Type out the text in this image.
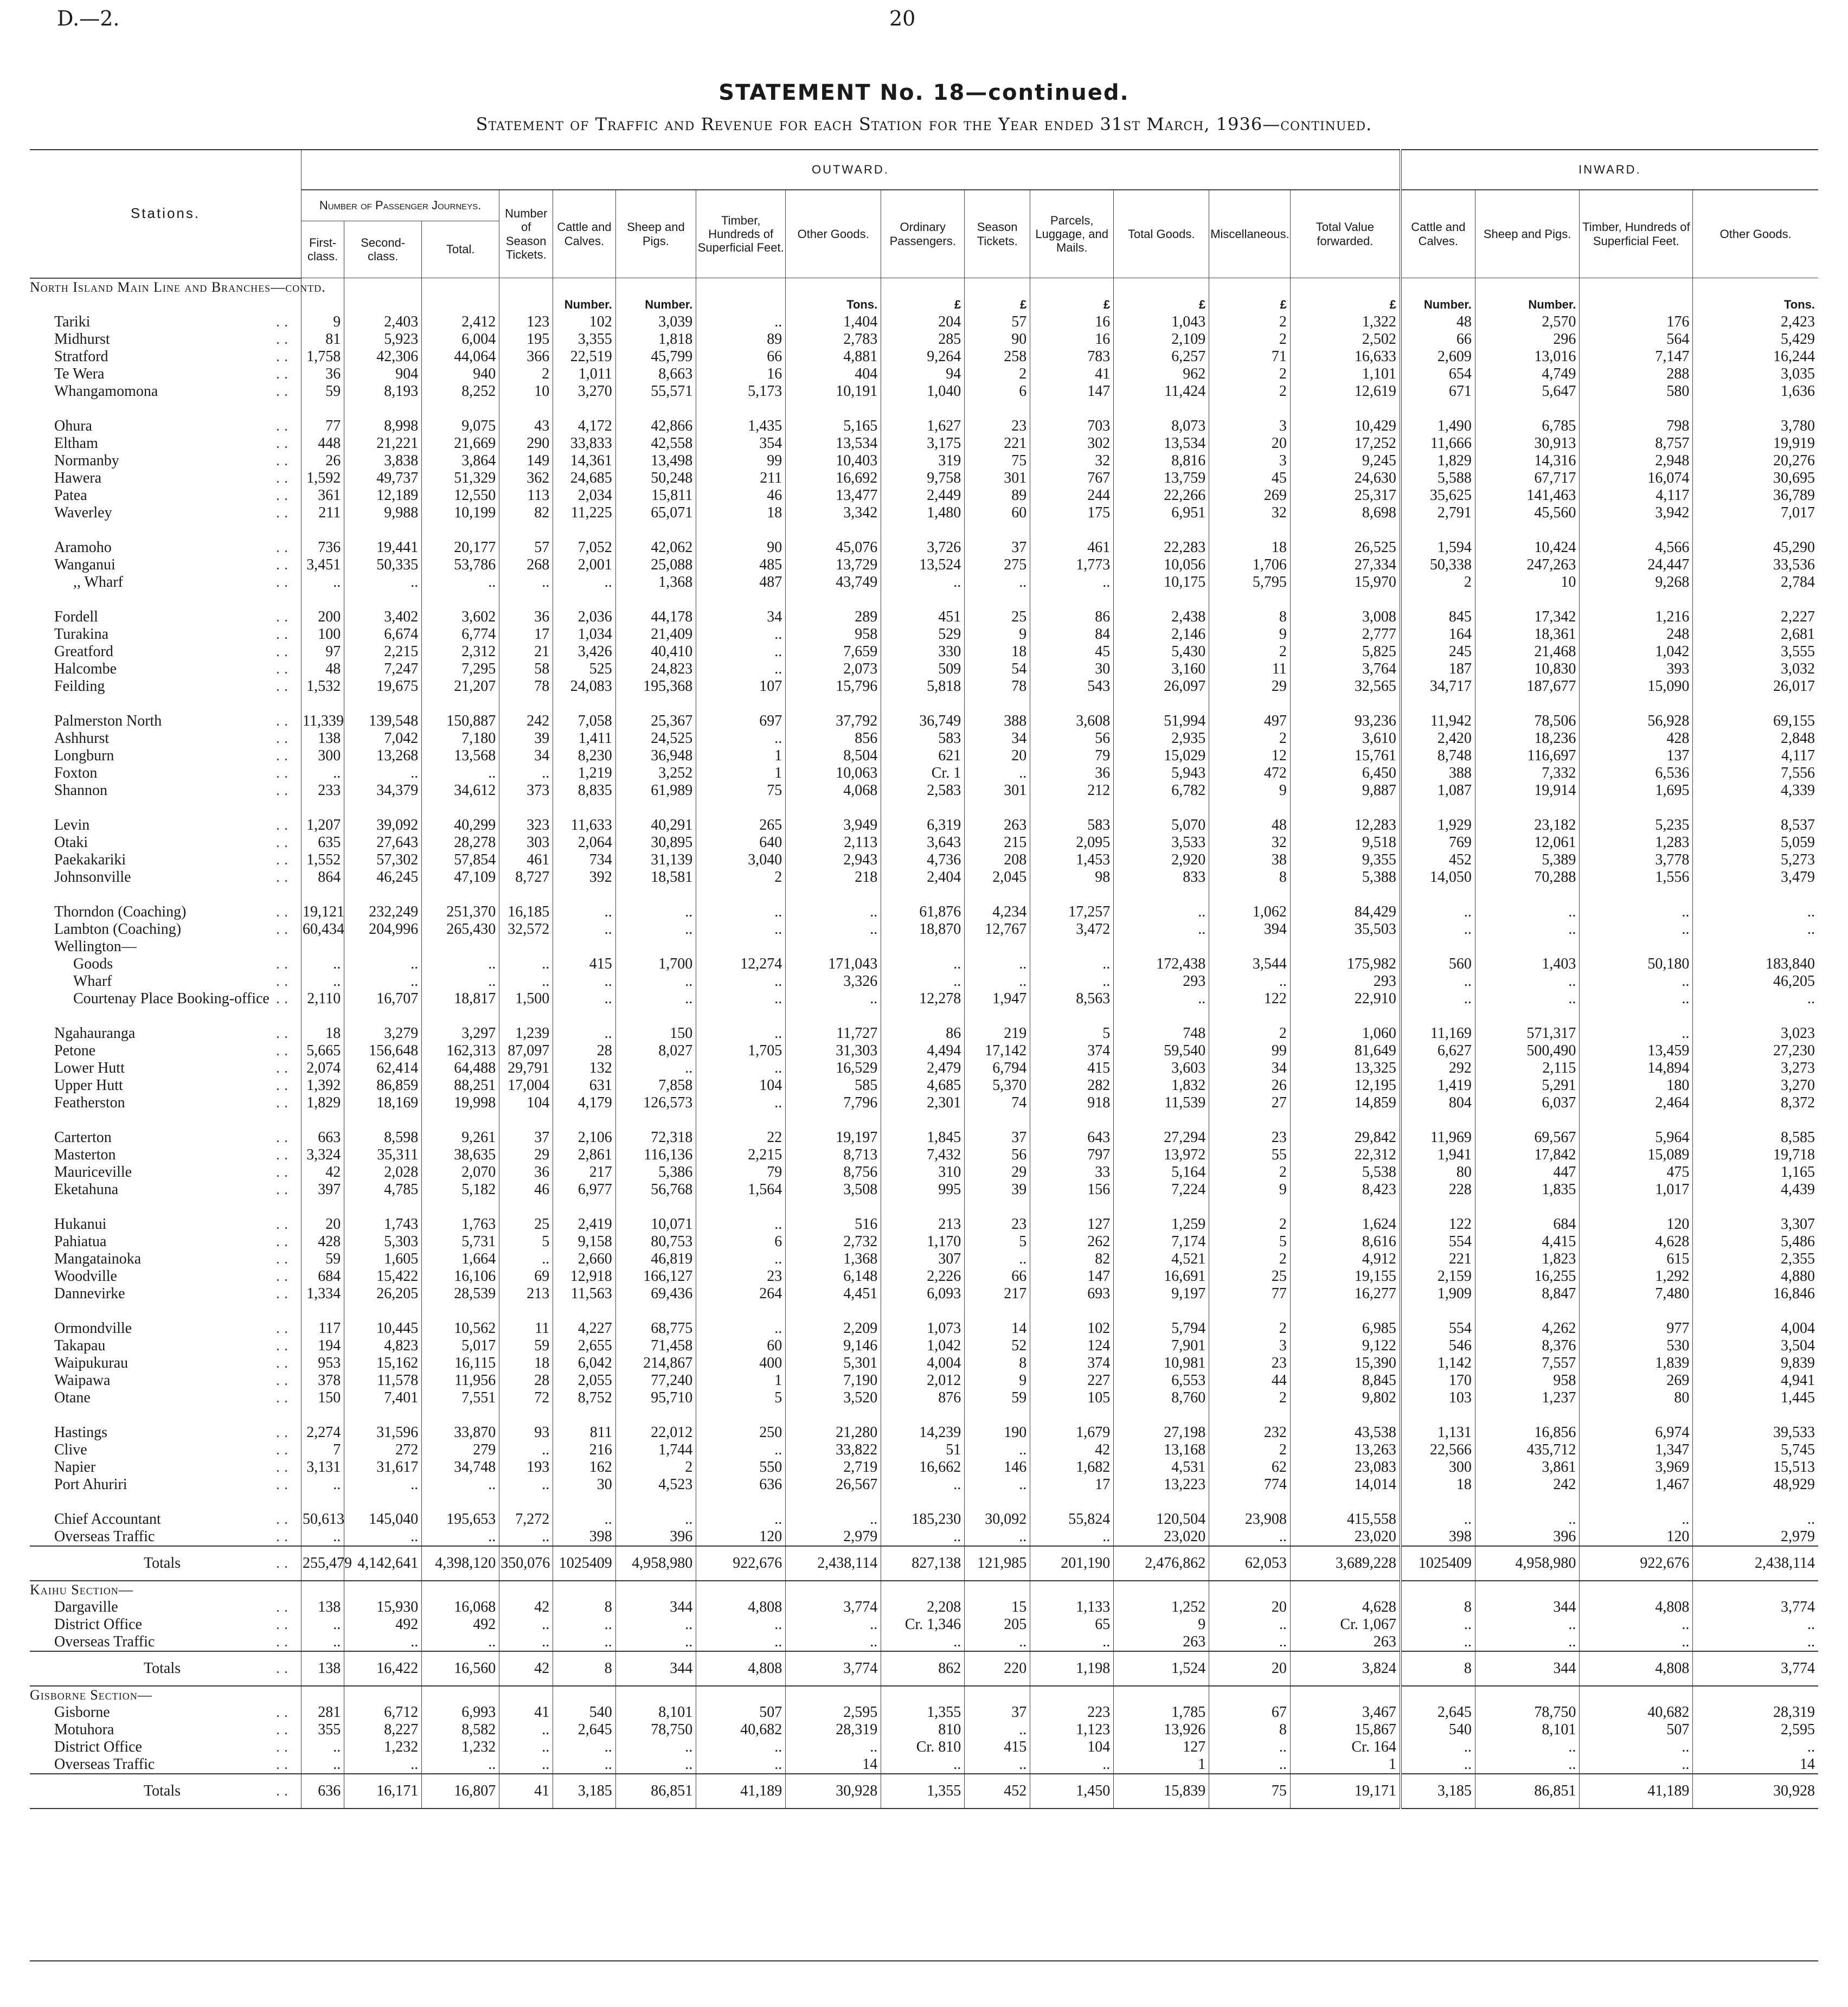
D.—2.	20
STATEMENT No. 18—continued.
Statement of Traffic and Revenue for each Station for the Year ended 31st March, 1936—continued.
Stations.	OUTWARD.														INWARD.			
	Number of Passenger Journeys.			Number of Season Tickets.	Cattle and Calves.	Sheep and Pigs.	Timber, Hundreds of Superficial Feet.	Other Goods.	Ordinary Passengers.	Season Tickets.	Parcels, Luggage, and Mails.	Total Goods.	Miscellaneous.	Total Value forwarded.	Cattle and Calves.	Sheep and Pigs.	Timber, Hundreds of Superficial Feet.	Other Goods.
	First-class.	Second-class.	Total.															
North Island Main Line and Branches—contd.																		
					Number.	Number.		Tons.	£	£	£	£	£	£	Number.	Number.		Tons.
Tariki ..	9	2,403	2,412	123	102	3,039	..	1,404	204	57	16	1,043	2	1,322	48	2,570	176	2,423
Midhurst ..	81	5,923	6,004	195	3,355	1,818	89	2,783	285	90	16	2,109	2	2,502	66	296	564	5,429
Stratford ..	1,758	42,306	44,064	366	22,519	45,799	66	4,881	9,264	258	783	6,257	71	16,633	2,609	13,016	7,147	16,244
Te Wera ..	36	904	940	2	1,011	8,663	16	404	94	2	41	962	2	1,101	654	4,749	288	3,035
Whangamomona ..	59	8,193	8,252	10	3,270	55,571	5,173	10,191	1,040	6	147	11,424	2	12,619	671	5,647	580	1,636

Ohura ..	77	8,998	9,075	43	4,172	42,866	1,435	5,165	1,627	23	703	8,073	3	10,429	1,490	6,785	798	3,780
Eltham ..	448	21,221	21,669	290	33,833	42,558	354	13,534	3,175	221	302	13,534	20	17,252	11,666	30,913	8,757	19,919
Normanby ..	26	3,838	3,864	149	14,361	13,498	99	10,403	319	75	32	8,816	3	9,245	1,829	14,316	2,948	20,276
Hawera ..	1,592	49,737	51,329	362	24,685	50,248	211	16,692	9,758	301	767	13,759	45	24,630	5,588	67,717	16,074	30,695
Patea ..	361	12,189	12,550	113	2,034	15,811	46	13,477	2,449	89	244	22,266	269	25,317	35,625	141,463	4,117	36,789
Waverley ..	211	9,988	10,199	82	11,225	65,071	18	3,342	1,480	60	175	6,951	32	8,698	2,791	45,560	3,942	7,017

Aramoho ..	736	19,441	20,177	57	7,052	42,062	90	45,076	3,726	37	461	22,283	18	26,525	1,594	10,424	4,566	45,290
Wanganui ..	3,451	50,335	53,786	268	2,001	25,088	485	13,729	13,524	275	1,773	10,056	1,706	27,334	50,338	247,263	24,447	33,536
,, Wharf ..	..	..	..	..	..	1,368	487	43,749	..	..	..	10,175	5,795	15,970	2	10	9,268	2,784

Fordell ..	200	3,402	3,602	36	2,036	44,178	34	289	451	25	86	2,438	8	3,008	845	17,342	1,216	2,227
Turakina ..	100	6,674	6,774	17	1,034	21,409	..	958	529	9	84	2,146	9	2,777	164	18,361	248	2,681
Greatford ..	97	2,215	2,312	21	3,426	40,410	..	7,659	330	18	45	5,430	2	5,825	245	21,468	1,042	3,555
Halcombe ..	48	7,247	7,295	58	525	24,823	..	2,073	509	54	30	3,160	11	3,764	187	10,830	393	3,032
Feilding ..	1,532	19,675	21,207	78	24,083	195,368	107	15,796	5,818	78	543	26,097	29	32,565	34,717	187,677	15,090	26,017

Palmerston North ..	11,339	139,548	150,887	242	7,058	25,367	697	37,792	36,749	388	3,608	51,994	497	93,236	11,942	78,506	56,928	69,155
Ashhurst ..	138	7,042	7,180	39	1,411	24,525	..	856	583	34	56	2,935	2	3,610	2,420	18,236	428	2,848
Longburn ..	300	13,268	13,568	34	8,230	36,948	1	8,504	621	20	79	15,029	12	15,761	8,748	116,697	137	4,117
Foxton ..	..	..	..	..	1,219	3,252	1	10,063	Cr. 1	..	36	5,943	472	6,450	388	7,332	6,536	7,556
Shannon ..	233	34,379	34,612	373	8,835	61,989	75	4,068	2,583	301	212	6,782	9	9,887	1,087	19,914	1,695	4,339

Levin ..	1,207	39,092	40,299	323	11,633	40,291	265	3,949	6,319	263	583	5,070	48	12,283	1,929	23,182	5,235	8,537
Otaki ..	635	27,643	28,278	303	2,064	30,895	640	2,113	3,643	215	2,095	3,533	32	9,518	769	12,061	1,283	5,059
Paekakariki ..	1,552	57,302	57,854	461	734	31,139	3,040	2,943	4,736	208	1,453	2,920	38	9,355	452	5,389	3,778	5,273
Johnsonville ..	864	46,245	47,109	8,727	392	18,581	2	218	2,404	2,045	98	833	8	5,388	14,050	70,288	1,556	3,479

Thorndon (Coaching) ..	19,121	232,249	251,370	16,185	..	..	..	..	61,876	4,234	17,257	..	1,062	84,429	..	..	..	..
Lambton (Coaching) ..	60,434	204,996	265,430	32,572	..	..	..	..	18,870	12,767	3,472	..	394	35,503	..	..	..	..
Wellington—																		
Goods ..	..	..	..	..	415	1,700	12,274	171,043	..	..	..	172,438	3,544	175,982	560	1,403	50,180	183,840
Wharf ..	..	..	..	..	..	..	..	3,326	..	..	..	293	..	293	..	..	..	46,205
Courtenay Place Booking-office ..	2,110	16,707	18,817	1,500	..	..	..	..	12,278	1,947	8,563	..	122	22,910	..	..	..	..

Ngahauranga ..	18	3,279	3,297	1,239	..	150	..	11,727	86	219	5	748	2	1,060	11,169	571,317	..	3,023
Petone ..	5,665	156,648	162,313	87,097	28	8,027	1,705	31,303	4,494	17,142	374	59,540	99	81,649	6,627	500,490	13,459	27,230
Lower Hutt ..	2,074	62,414	64,488	29,791	132	..	..	16,529	2,479	6,794	415	3,603	34	13,325	292	2,115	14,894	3,273
Upper Hutt ..	1,392	86,859	88,251	17,004	631	7,858	104	585	4,685	5,370	282	1,832	26	12,195	1,419	5,291	180	3,270
Featherston ..	1,829	18,169	19,998	104	4,179	126,573	..	7,796	2,301	74	918	11,539	27	14,859	804	6,037	2,464	8,372

Carterton ..	663	8,598	9,261	37	2,106	72,318	22	19,197	1,845	37	643	27,294	23	29,842	11,969	69,567	5,964	8,585
Masterton ..	3,324	35,311	38,635	29	2,861	116,136	2,215	8,713	7,432	56	797	13,972	55	22,312	1,941	17,842	15,089	19,718
Mauriceville ..	42	2,028	2,070	36	217	5,386	79	8,756	310	29	33	5,164	2	5,538	80	447	475	1,165
Eketahuna ..	397	4,785	5,182	46	6,977	56,768	1,564	3,508	995	39	156	7,224	9	8,423	228	1,835	1,017	4,439

Hukanui ..	20	1,743	1,763	25	2,419	10,071	..	516	213	23	127	1,259	2	1,624	122	684	120	3,307
Pahiatua ..	428	5,303	5,731	5	9,158	80,753	6	2,732	1,170	5	262	7,174	5	8,616	554	4,415	4,628	5,486
Mangatainoka ..	59	1,605	1,664	..	2,660	46,819	..	1,368	307	..	82	4,521	2	4,912	221	1,823	615	2,355
Woodville ..	684	15,422	16,106	69	12,918	166,127	23	6,148	2,226	66	147	16,691	25	19,155	2,159	16,255	1,292	4,880
Dannevirke ..	1,334	26,205	28,539	213	11,563	69,436	264	4,451	6,093	217	693	9,197	77	16,277	1,909	8,847	7,480	16,846

Ormondville ..	117	10,445	10,562	11	4,227	68,775	..	2,209	1,073	14	102	5,794	2	6,985	554	4,262	977	4,004
Takapau ..	194	4,823	5,017	59	2,655	71,458	60	9,146	1,042	52	124	7,901	3	9,122	546	8,376	530	3,504
Waipukurau ..	953	15,162	16,115	18	6,042	214,867	400	5,301	4,004	8	374	10,981	23	15,390	1,142	7,557	1,839	9,839
Waipawa ..	378	11,578	11,956	28	2,055	77,240	1	7,190	2,012	9	227	6,553	44	8,845	170	958	269	4,941
Otane ..	150	7,401	7,551	72	8,752	95,710	5	3,520	876	59	105	8,760	2	9,802	103	1,237	80	1,445

Hastings ..	2,274	31,596	33,870	93	811	22,012	250	21,280	14,239	190	1,679	27,198	232	43,538	1,131	16,856	6,974	39,533
Clive ..	7	272	279	..	216	1,744	..	33,822	51	..	42	13,168	2	13,263	22,566	435,712	1,347	5,745
Napier ..	3,131	31,617	34,748	193	162	2	550	2,719	16,662	146	1,682	4,531	62	23,083	300	3,861	3,969	15,513
Port Ahuriri ..	..	..	..	..	30	4,523	636	26,567	..	..	17	13,223	774	14,014	18	242	1,467	48,929

Chief Accountant ..	50,613	145,040	195,653	7,272	..	..	..	..	185,230	30,092	55,824	120,504	23,908	415,558	..	..	..	..
Overseas Traffic ..	..	..	..	..	398	396	120	2,979	..	..	..	23,020	..	23,020	398	396	120	2,979
Totals ..	255,479	4,142,641	4,398,120	350,076	1025409	4,958,980	922,676	2,438,114	827,138	121,985	201,190	2,476,862	62,053	3,689,228	1025409	4,958,980	922,676	2,438,114
Kaihu Section—																		
Dargaville ..	138	15,930	16,068	42	8	344	4,808	3,774	2,208	15	1,133	1,252	20	4,628	8	344	4,808	3,774
District Office ..	..	492	492	..	..	..	..	..	Cr. 1,346	205	65	9	..	Cr. 1,067	..	..	..	..
Overseas Traffic ..	..	..	..	..	..	..	..	..	..	..	..	263	..	263	..	..	..	..
Totals ..	138	16,422	16,560	42	8	344	4,808	3,774	862	220	1,198	1,524	20	3,824	8	344	4,808	3,774
Gisborne Section—																		
Gisborne ..	281	6,712	6,993	41	540	8,101	507	2,595	1,355	37	223	1,785	67	3,467	2,645	78,750	40,682	28,319
Motuhora ..	355	8,227	8,582	..	2,645	78,750	40,682	28,319	810	..	1,123	13,926	8	15,867	540	8,101	507	2,595
District Office ..	..	1,232	1,232	..	..	..	..	..	Cr. 810	415	104	127	..	Cr. 164	..	..	..	..
Overseas Traffic ..	..	..	..	..	..	..	..	14	..	..	..	1	..	1	..	..	..	14
Totals ..	636	16,171	16,807	41	3,185	86,851	41,189	30,928	1,355	452	1,450	15,839	75	19,171	3,185	86,851	41,189	30,928
